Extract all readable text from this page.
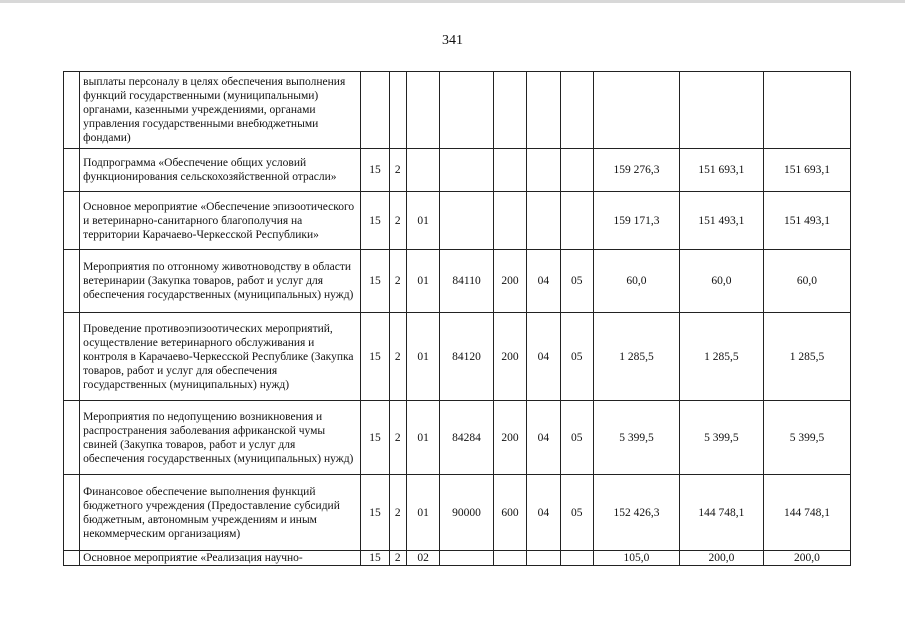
341
	выплаты персоналу в целях обеспечения выполнения функций государственными (муниципальными) органами, казенными учреждениями, органами управления государственными внебюджетными фондами)										
	Подпрограмма «Обеспечение общих условий функционирования сельскохозяйственной отрасли»	15	2						159 276,3	151 693,1	151 693,1
	Основное мероприятие «Обеспечение эпизоотического и ветеринарно-санитарного благополучия на территории Карачаево-Черкесской Республики»	15	2	01					159 171,3	151 493,1	151 493,1
	Мероприятия по отгонному животноводству в области ветеринарии (Закупка товаров, работ и услуг для обеспечения государственных (муниципальных) нужд)	15	2	01	84110	200	04	05	60,0	60,0	60,0
	Проведение противоэпизоотических мероприятий, осуществление ветеринарного обслуживания и контроля в Карачаево-Черкесской Республике (Закупка товаров, работ и услуг для обеспечения государственных (муниципальных) нужд)	15	2	01	84120	200	04	05	1 285,5	1 285,5	1 285,5
	Мероприятия по недопущению возникновения и распространения заболевания африканской чумы свиней (Закупка товаров, работ и услуг для обеспечения государственных (муниципальных) нужд)	15	2	01	84284	200	04	05	5 399,5	5 399,5	5 399,5
	Финансовое обеспечение выполнения функций бюджетного учреждения (Предоставление субсидий бюджетным, автономным учреждениям и иным некоммерческим организациям)	15	2	01	90000	600	04	05	152 426,3	144 748,1	144 748,1
	Основное мероприятие «Реализация научно-	15	2	02					105,0	200,0	200,0
